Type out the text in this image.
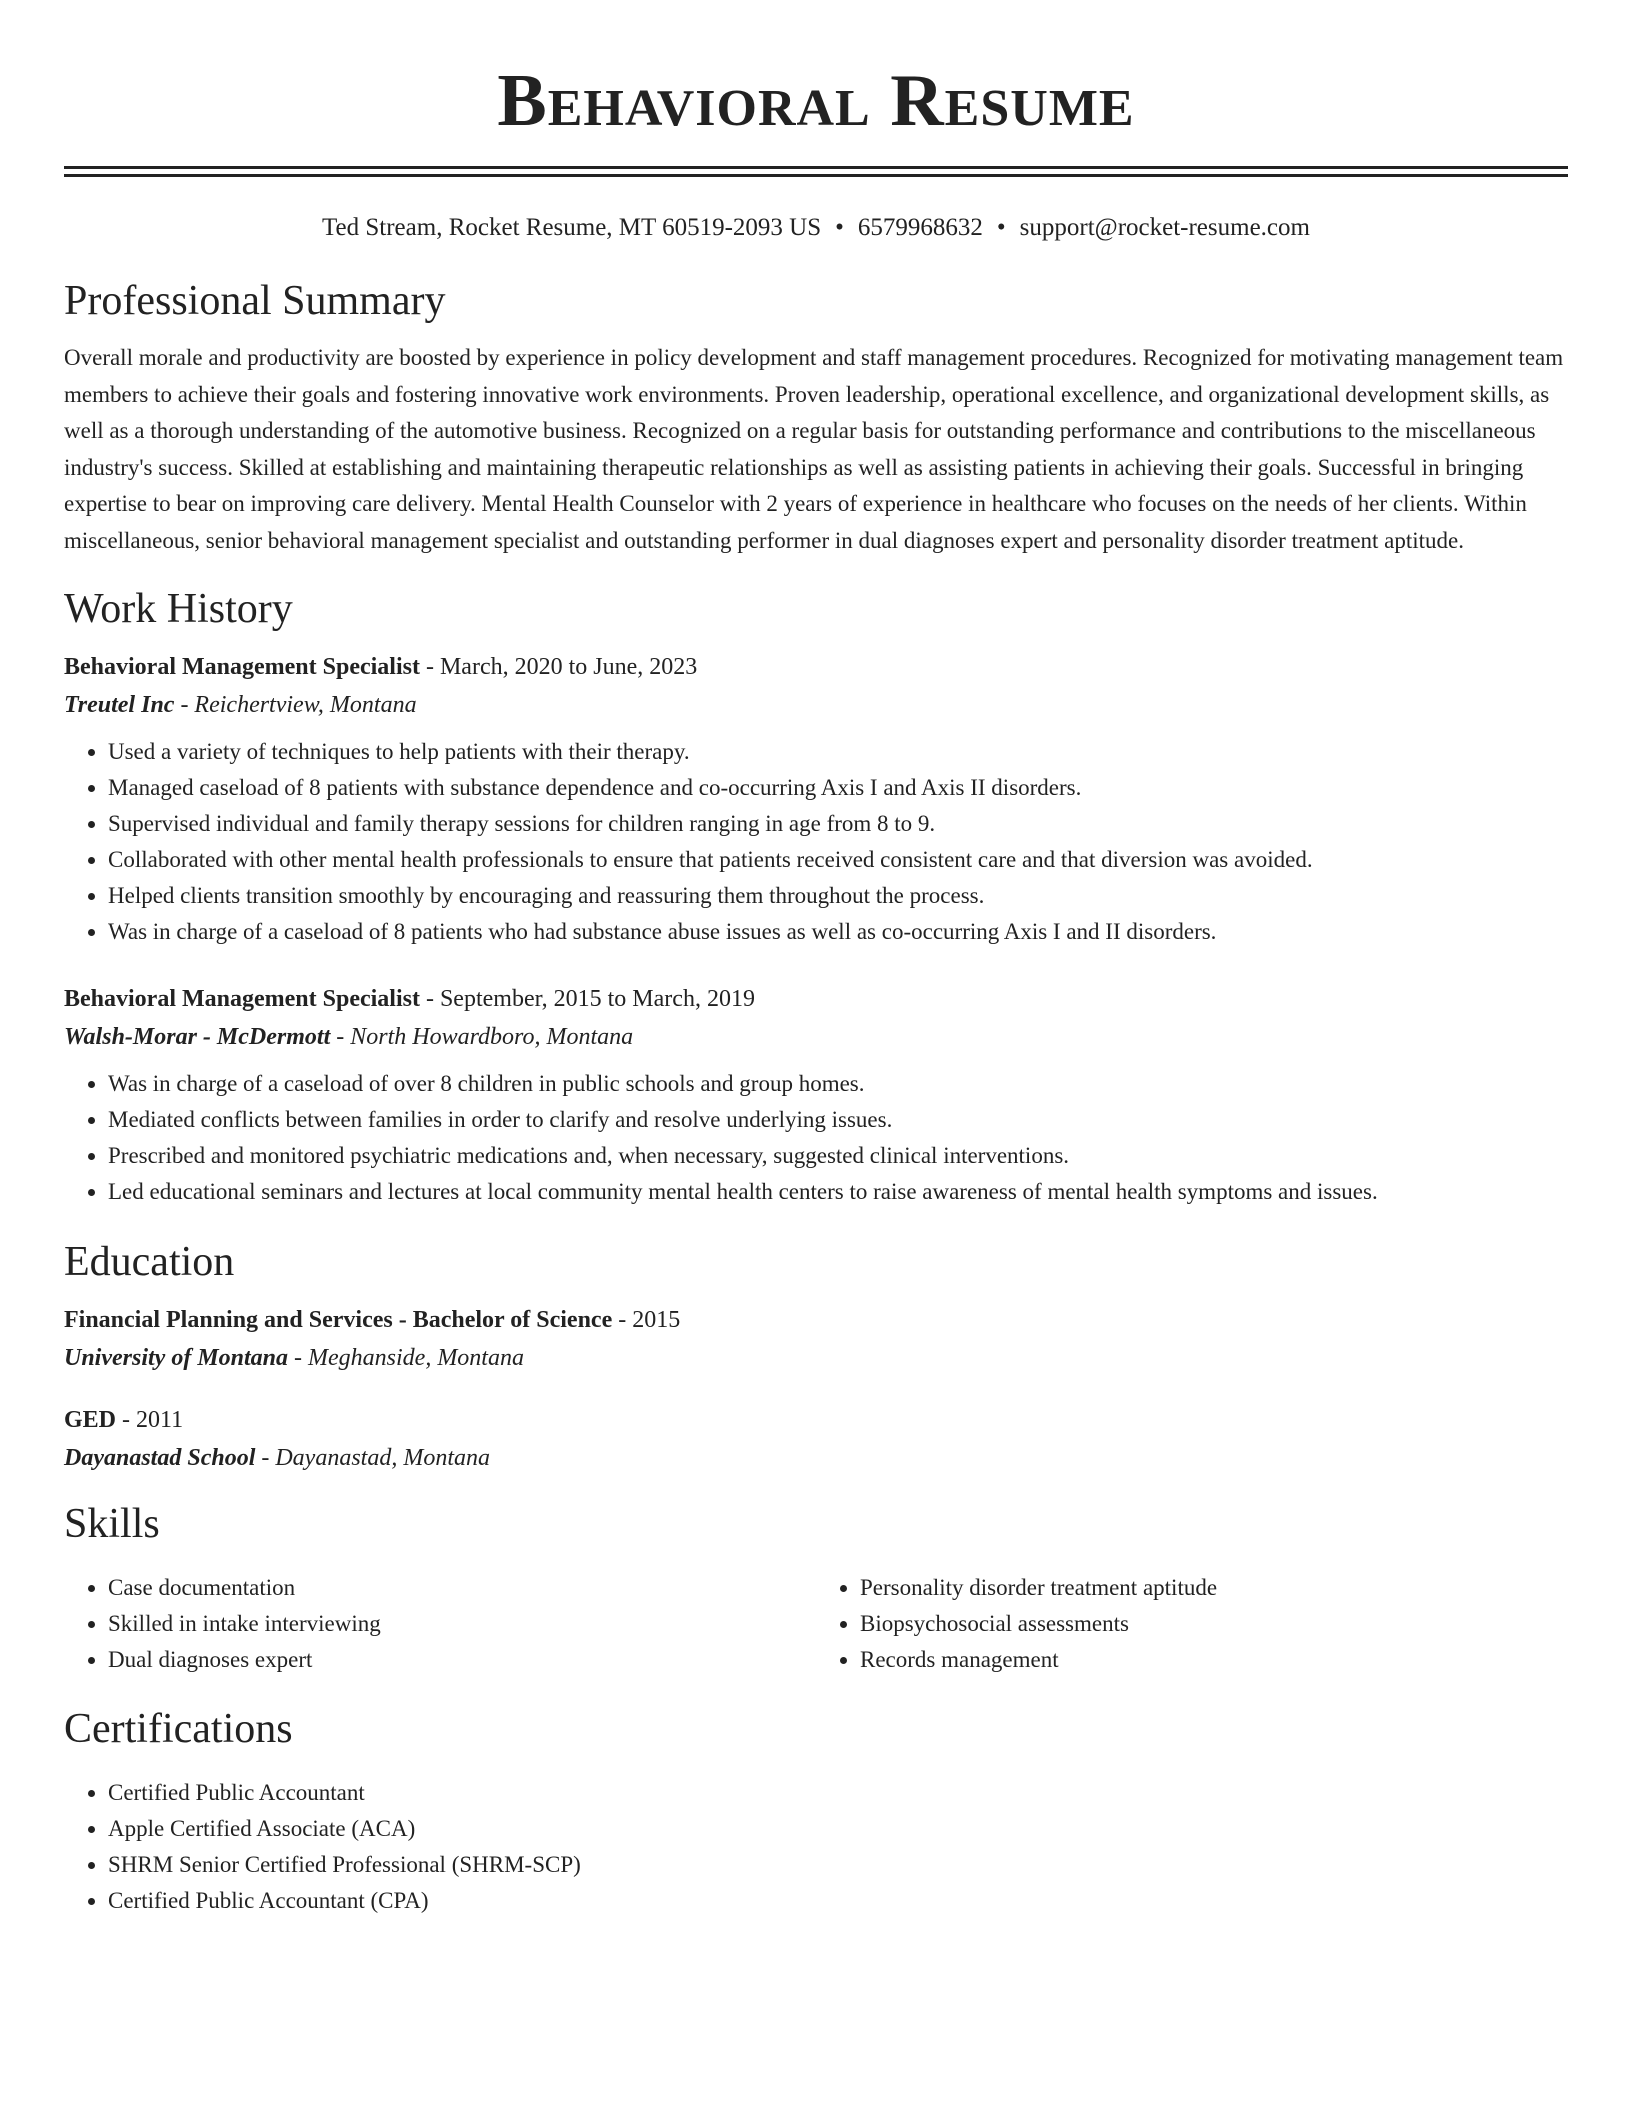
Behavioral Resume
Ted Stream, Rocket Resume, MT 60519-2093 US • 6579968632 • support@rocket-resume.com
Professional Summary

Overall morale and productivity are boosted by experience in policy development and staff management procedures. Recognized for motivating management team members to achieve their goals and fostering innovative work environments. Proven leadership, operational excellence, and organizational development skills, as well as a thorough understanding of the automotive business. Recognized on a regular basis for outstanding performance and contributions to the miscellaneous industry's success. Skilled at establishing and maintaining therapeutic relationships as well as assisting patients in achieving their goals. Successful in bringing expertise to bear on improving care delivery. Mental Health Counselor with 2 years of experience in healthcare who focuses on the needs of her clients. Within miscellaneous, senior behavioral management specialist and outstanding performer in dual diagnoses expert and personality disorder treatment aptitude.

Work History

Behavioral Management Specialist - March, 2020 to June, 2023

Treutel Inc - Reichertview, Montana

• Used a variety of techniques to help patients with their therapy.
• Managed caseload of 8 patients with substance dependence and co-occurring Axis I and Axis II disorders.
• Supervised individual and family therapy sessions for children ranging in age from 8 to 9.
• Collaborated with other mental health professionals to ensure that patients received consistent care and that diversion was avoided.
• Helped clients transition smoothly by encouraging and reassuring them throughout the process.
• Was in charge of a caseload of 8 patients who had substance abuse issues as well as co-occurring Axis I and II disorders.

Behavioral Management Specialist - September, 2015 to March, 2019

Walsh-Morar - McDermott - North Howardboro, Montana

• Was in charge of a caseload of over 8 children in public schools and group homes.
• Mediated conflicts between families in order to clarify and resolve underlying issues.
• Prescribed and monitored psychiatric medications and, when necessary, suggested clinical interventions.
• Led educational seminars and lectures at local community mental health centers to raise awareness of mental health symptoms and issues.
Education

Financial Planning and Services - Bachelor of Science - 2015

University of Montana - Meghanside, Montana

GED - 2011

Dayanastad School - Dayanastad, Montana

Skills
• Case documentation
• Skilled in intake interviewing
• Dual diagnoses expert
• Personality disorder treatment aptitude
• Biopsychosocial assessments
• Records management
Certifications
• Certified Public Accountant
• Apple Certified Associate (ACA)
• SHRM Senior Certified Professional (SHRM-SCP)
• Certified Public Accountant (CPA)
